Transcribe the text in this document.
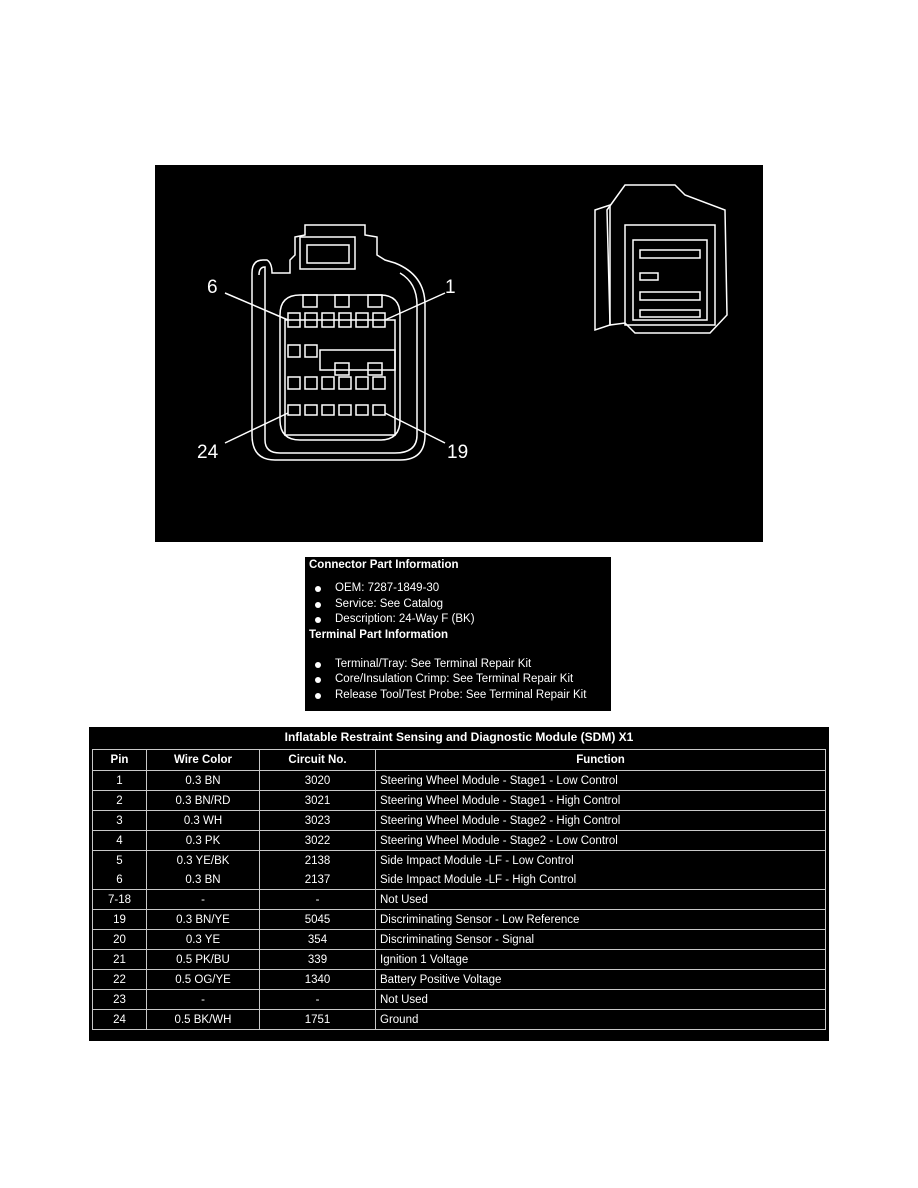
6	1
24	19
Connector Part Information
OEM: 7287-1849-30
Service: See Catalog
Description: 24-Way F (BK)
Terminal Part Information
Terminal/Tray: See Terminal Repair Kit
Core/Insulation Crimp: See Terminal Repair Kit
Release Tool/Test Probe: See Terminal Repair Kit
Inflatable Restraint Sensing and Diagnostic Module (SDM) X1
Pin	Wire Color	Circuit No.	Function
1	0.3 BN	3020	Steering Wheel Module - Stage1 - Low Control
2	0.3 BN/RD	3021	Steering Wheel Module - Stage1 - High Control
3	0.3 WH	3023	Steering Wheel Module - Stage2 - High Control
4	0.3 PK	3022	Steering Wheel Module - Stage2 - Low Control
5	0.3 YE/BK	2138	Side Impact Module -LF - Low Control
6	0.3 BN	2137	Side Impact Module -LF - High Control
7-18	-	-	Not Used
19	0.3 BN/YE	5045	Discriminating Sensor - Low Reference
20	0.3 YE	354	Discriminating Sensor - Signal
21	0.5 PK/BU	339	Ignition 1 Voltage
22	0.5 OG/YE	1340	Battery Positive Voltage
23	-	-	Not Used
24	0.5 BK/WH	1751	Ground
